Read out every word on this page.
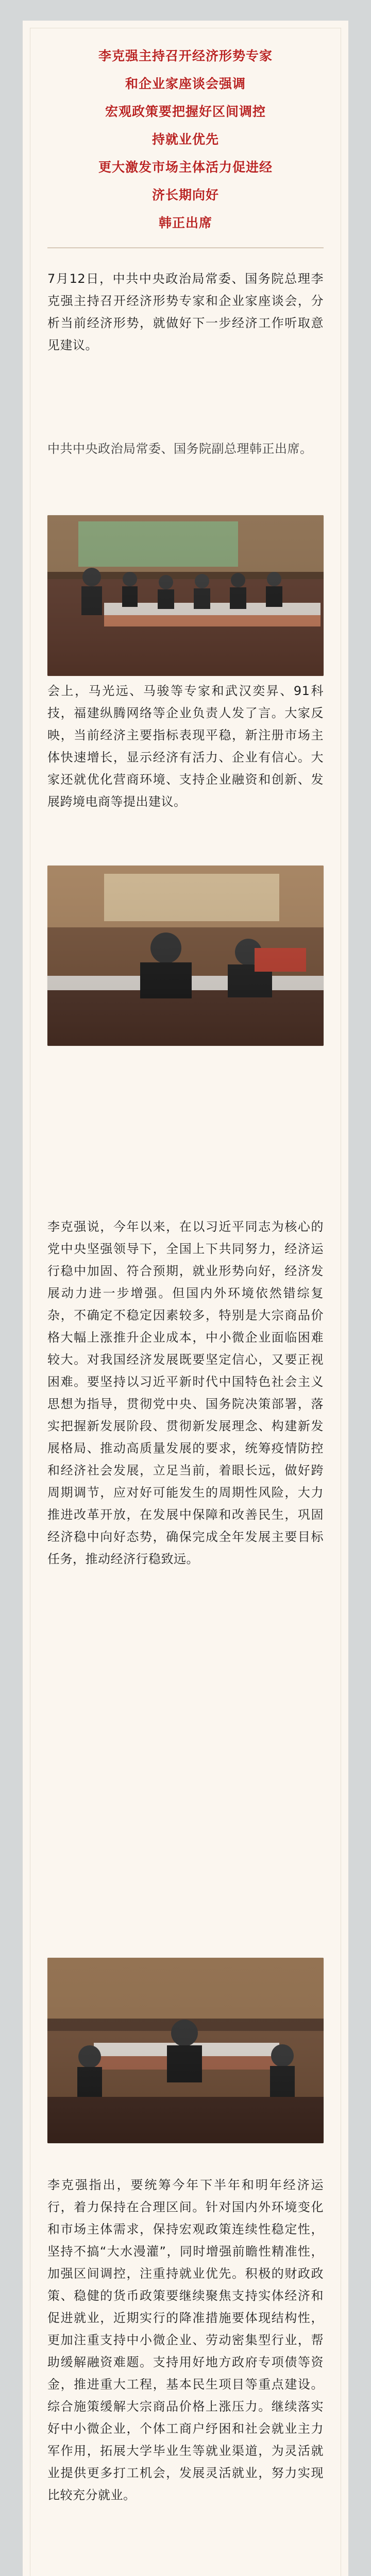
李克强主持召开经济形势专家
和企业家座谈会强调
宏观政策要把握好区间调控
持就业优先
更大激发市场主体活力促进经
济长期向好
韩正出席
7月12日，中共中央政治局常委、国务院总理李克强主持召开经济形势专家和企业家座谈会，分析当前经济形势，就做好下一步经济工作听取意见建议。
中共中央政治局常委、国务院副总理韩正出席。
会上，马光远、马骏等专家和武汉奕昇、91科技，福建纵腾网络等企业负责人发了言。大家反映，当前经济主要指标表现平稳，新注册市场主体快速增长，显示经济有活力、企业有信心。大家还就优化营商环境、支持企业融资和创新、发展跨境电商等提出建议。
李克强说，今年以来，在以习近平同志为核心的党中央坚强领导下，全国上下共同努力，经济运行稳中加固、符合预期，就业形势向好，经济发展动力进一步增强。但国内外环境依然错综复杂，不确定不稳定因素较多，特别是大宗商品价格大幅上涨推升企业成本，中小微企业面临困难较大。对我国经济发展既要坚定信心，又要正视困难。要坚持以习近平新时代中国特色社会主义思想为指导，贯彻党中央、国务院决策部署，落实把握新发展阶段、贯彻新发展理念、构建新发展格局、推动高质量发展的要求，统筹疫情防控和经济社会发展，立足当前，着眼长远，做好跨周期调节，应对好可能发生的周期性风险，大力推进改革开放，在发展中保障和改善民生，巩固经济稳中向好态势，确保完成全年发展主要目标任务，推动经济行稳致远。
李克强指出，要统筹今年下半年和明年经济运行，着力保持在合理区间。针对国内外环境变化和市场主体需求，保持宏观政策连续性稳定性，坚持不搞“大水漫灌”，同时增强前瞻性精准性，加强区间调控，注重持就业优先。积极的财政政策、稳健的货币政策要继续聚焦支持实体经济和促进就业，近期实行的降准措施要体现结构性，更加注重支持中小微企业、劳动密集型行业，帮助缓解融资难题。支持用好地方政府专项债等资金，推进重大工程，基本民生项目等重点建设。综合施策缓解大宗商品价格上涨压力。继续落实好中小微企业，个体工商户纾困和社会就业主力军作用，拓展大学毕业生等就业渠道，为灵活就业提供更多打工机会，发展灵活就业，努力实现比较充分就业。
